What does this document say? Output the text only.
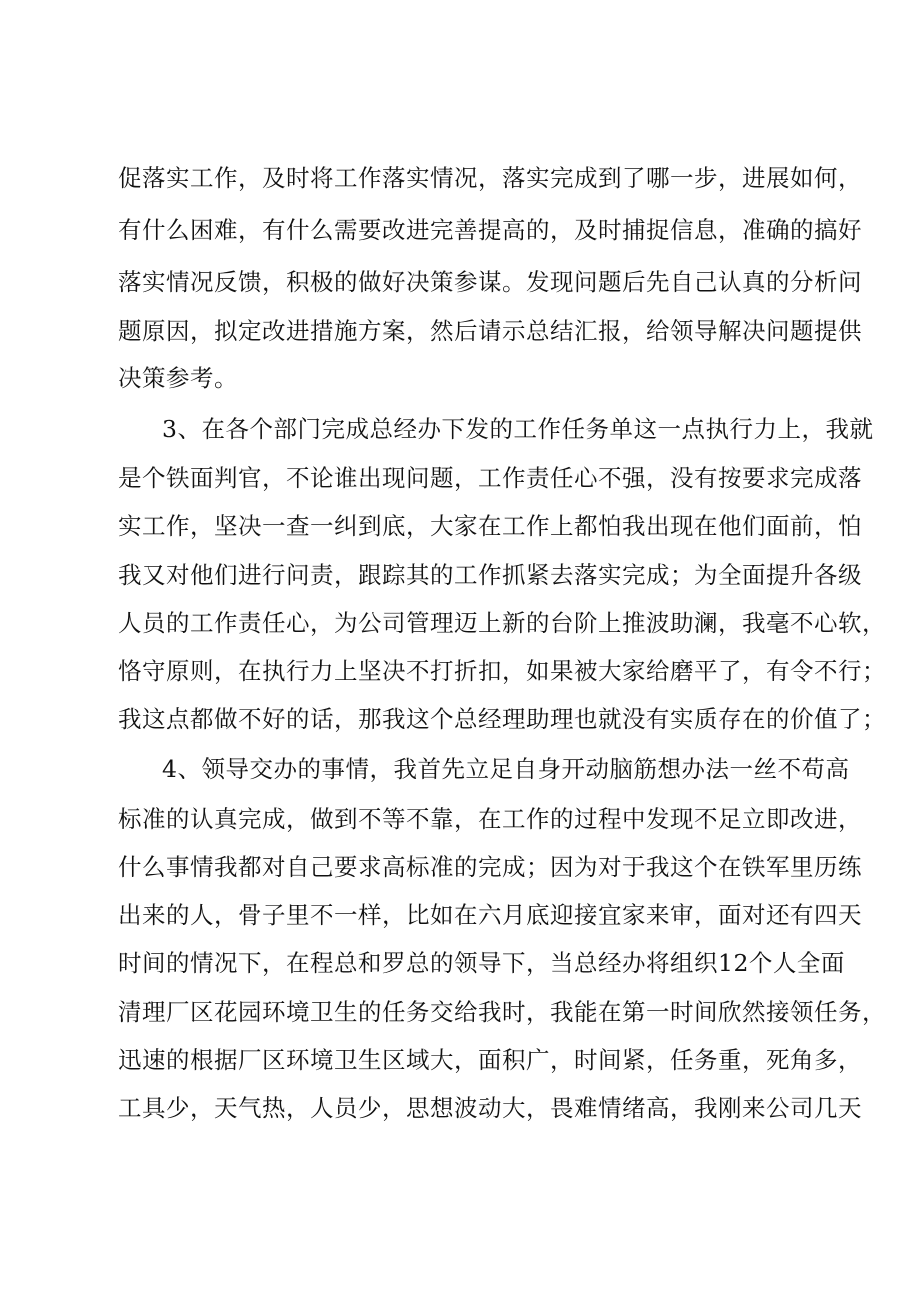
促落实工作，及时将工作落实情况，落实完成到了哪一步，进展如何，
有什么困难，有什么需要改进完善提高的，及时捕捉信息，准确的搞好
落实情况反馈，积极的做好决策参谋。发现问题后先自己认真的分析问
题原因，拟定改进措施方案，然后请示总结汇报，给领导解决问题提供
决策参考。
3、在各个部门完成总经办下发的工作任务单这一点执行力上，我就
是个铁面判官，不论谁出现问题，工作责任心不强，没有按要求完成落
实工作，坚决一查一纠到底，大家在工作上都怕我出现在他们面前，怕
我又对他们进行问责，跟踪其的工作抓紧去落实完成；为全面提升各级
人员的工作责任心，为公司管理迈上新的台阶上推波助澜，我毫不心软，
恪守原则，在执行力上坚决不打折扣，如果被大家给磨平了，有令不行；
我这点都做不好的话，那我这个总经理助理也就没有实质存在的价值了；
4、领导交办的事情，我首先立足自身开动脑筋想办法一丝不苟高
标准的认真完成，做到不等不靠，在工作的过程中发现不足立即改进，
什么事情我都对自己要求高标准的完成；因为对于我这个在铁军里历练
出来的人，骨子里不一样，比如在六月底迎接宜家来审，面对还有四天
时间的情况下，在程总和罗总的领导下，当总经办将组织12个人全面
清理厂区花园环境卫生的任务交给我时，我能在第一时间欣然接领任务，
迅速的根据厂区环境卫生区域大，面积广，时间紧，任务重，死角多，
工具少，天气热，人员少，思想波动大，畏难情绪高，我刚来公司几天
